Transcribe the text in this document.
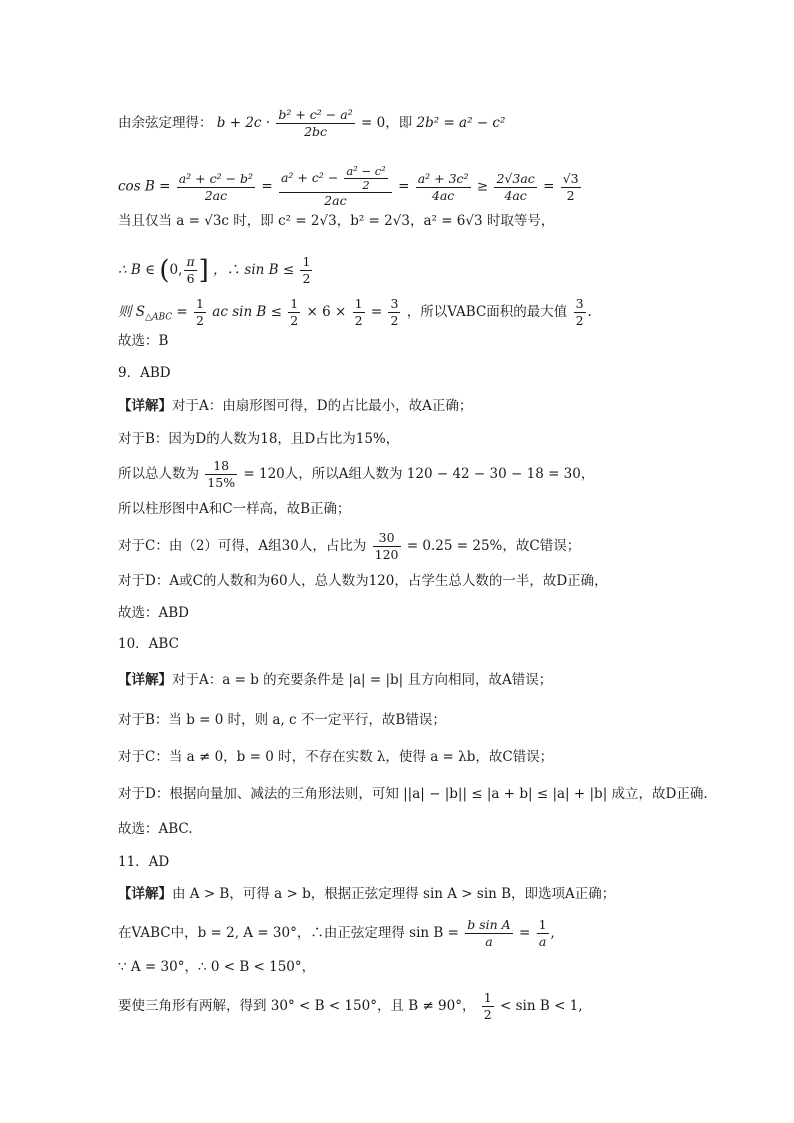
由余弦定理得： $b + 2c \cdot \frac{\text{b² + c² − a²}}{2bc} = 0$，即 2b² = a² − c²
$\cos B = \frac{\text{a² + c² − b²}}{2ac} = \frac{a^2 + c^2 - \frac{\text{a² − c²}}{2}}{2ac} = \frac{\text{a² + 3c²}}{4ac} \ge \frac{2√3ac}{4ac} = \frac{√3}{2}$
当且仅当 a = √3c 时，即 c² = 2√3，b² = 2√3，a² = 6√3 时取等号，
∴ B ∈ (0, $\frac{\pi}{6}$ ] ，∴ $\sin B \le \frac{1}{2}$
则 $S_{\triangle ABC} = \frac{1}{2}$ ac $\sin B \le \frac{1}{2} \times 6 \times \frac{1}{2} = \frac{3}{2}$ ，所以VABC面积的最大值 $\frac{3}{2}$ .
故选：B
9．ABD
【详解】对于A：由扇形图可得，D的占比最小，故A正确；
对于B：因为D的人数为18，且D占比为15%，
所以总人数为 $\frac{18}{15\%} = 120$人，所以A组人数为 120 − 42 − 30 − 18 = 30，
所以柱形图中A和C一样高，故B正确；
对于C：由（2）可得，A组30人，占比为 $\frac{30}{120} = 0.25 = 25\%$，故C错误；
对于D：A或C的人数和为60人，总人数为120，占学生总人数的一半，故D正确，
故选：ABD
10．ABC
【详解】对于A：a = b 的充要条件是 |a| = |b| 且方向相同，故A错误；
对于B：当 b = 0 时，则 a, c 不一定平行，故B错误；
对于C：当 a ≠ 0，b = 0 时，不存在实数 λ，使得 a = λb，故C错误；
对于D：根据向量加、减法的三角形法则，可知 ||a| − |b|| ≤ |a + b| ≤ |a| + |b| 成立，故D正确.
故选：ABC.
11．AD
【详解】由 A > B，可得 a > b，根据正弦定理得 sin A > sin B，即选项A正确；
在VABC中，b = 2, A = 30°，∴由正弦定理得 $\sin B = \frac{\text{b sin A}}{a} = \frac{1}{a}$ ,
∵ A = 30°，∴ 0 < B < 150°，
要使三角形有两解，得到 30° < B < 150°，且 B ≠ 90°， $\frac{1}{2} < \sin B < 1$,
